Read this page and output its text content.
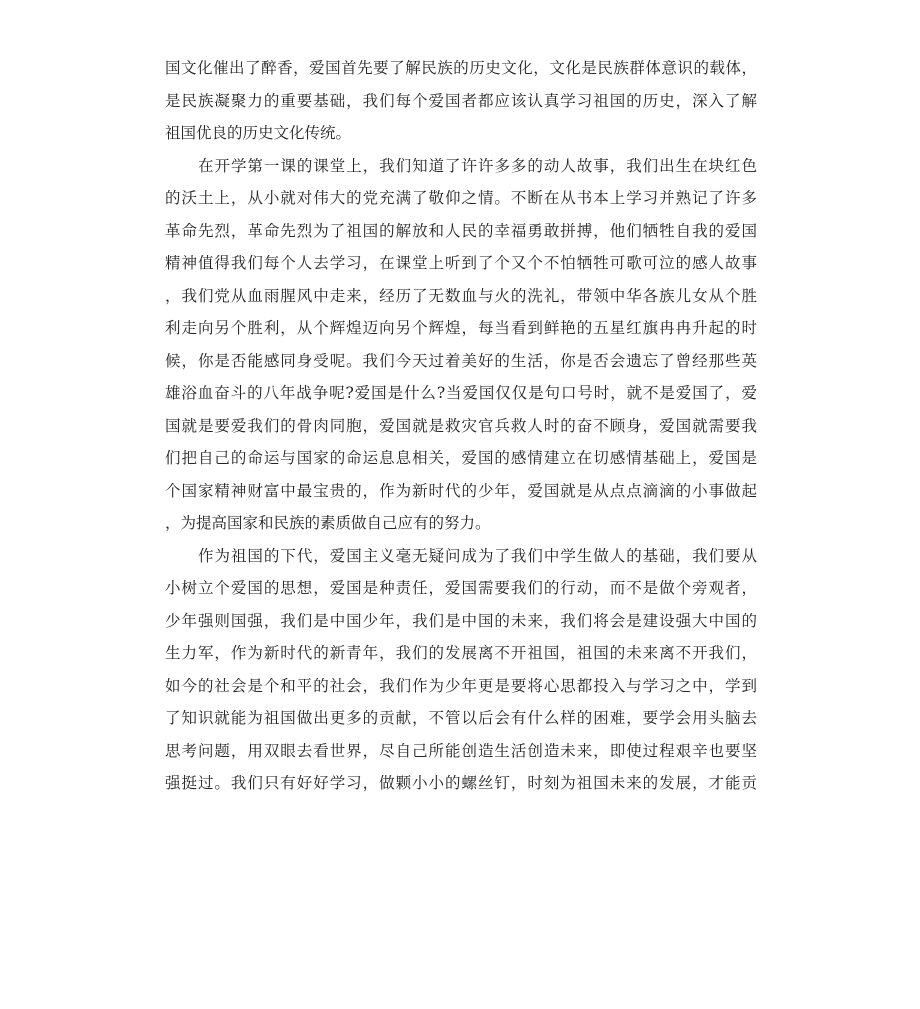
国文化催出了醉香，爱国首先要了解民族的历史文化，文化是民族群体意识的载体，
是民族凝聚力的重要基础，我们每个爱国者都应该认真学习祖国的历史，深入了解
祖国优良的历史文化传统。
在开学第一课的课堂上，我们知道了许许多多的动人故事，我们出生在块红色
的沃土上，从小就对伟大的党充满了敬仰之情。不断在从书本上学习并熟记了许多
革命先烈，革命先烈为了祖国的解放和人民的幸福勇敢拼搏，他们牺牲自我的爱国
精神值得我们每个人去学习，在课堂上听到了个又个不怕牺牲可歌可泣的感人故事
，我们党从血雨腥风中走来，经历了无数血与火的洗礼，带领中华各族儿女从个胜
利走向另个胜利，从个辉煌迈向另个辉煌，每当看到鲜艳的五星红旗冉冉升起的时
候，你是否能感同身受呢。我们今天过着美好的生活，你是否会遗忘了曾经那些英
雄浴血奋斗的八年战争呢?爱国是什么?当爱国仅仅是句口号时，就不是爱国了，爱
国就是要爱我们的骨肉同胞，爱国就是救灾官兵救人时的奋不顾身，爱国就需要我
们把自己的命运与国家的命运息息相关，爱国的感情建立在切感情基础上，爱国是
个国家精神财富中最宝贵的，作为新时代的少年，爱国就是从点点滴滴的小事做起
，为提高国家和民族的素质做自己应有的努力。
作为祖国的下代，爱国主义毫无疑问成为了我们中学生做人的基础，我们要从
小树立个爱国的思想，爱国是种责任，爱国需要我们的行动，而不是做个旁观者，
少年强则国强，我们是中国少年，我们是中国的未来，我们将会是建设强大中国的
生力军，作为新时代的新青年，我们的发展离不开祖国，祖国的未来离不开我们，
如今的社会是个和平的社会，我们作为少年更是要将心思都投入与学习之中，学到
了知识就能为祖国做出更多的贡献，不管以后会有什么样的困难，要学会用头脑去
思考问题，用双眼去看世界，尽自己所能创造生活创造未来，即使过程艰辛也要坚
强挺过。我们只有好好学习，做颗小小的螺丝钉，时刻为祖国未来的发展，才能贡
